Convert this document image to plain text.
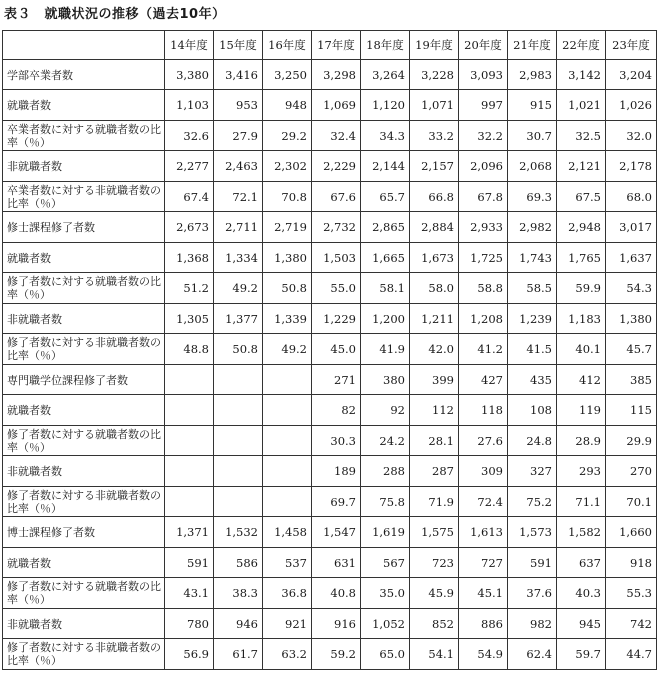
表３　就職状況の推移（過去10年）
	14年度	15年度	16年度	17年度	18年度	19年度	20年度	21年度	22年度	23年度
学部卒業者数	3,380	3,416	3,250	3,298	3,264	3,228	3,093	2,983	3,142	3,204
就職者数	1,103	953	948	1,069	1,120	1,071	997	915	1,021	1,026
卒業者数に対する就職者数の比率（％）	32.6	27.9	29.2	32.4	34.3	33.2	32.2	30.7	32.5	32.0
非就職者数	2,277	2,463	2,302	2,229	2,144	2,157	2,096	2,068	2,121	2,178
卒業者数に対する非就職者数の比率（％）	67.4	72.1	70.8	67.6	65.7	66.8	67.8	69.3	67.5	68.0
修士課程修了者数	2,673	2,711	2,719	2,732	2,865	2,884	2,933	2,982	2,948	3,017
就職者数	1,368	1,334	1,380	1,503	1,665	1,673	1,725	1,743	1,765	1,637
修了者数に対する就職者数の比率（％）	51.2	49.2	50.8	55.0	58.1	58.0	58.8	58.5	59.9	54.3
非就職者数	1,305	1,377	1,339	1,229	1,200	1,211	1,208	1,239	1,183	1,380
修了者数に対する非就職者数の比率（％）	48.8	50.8	49.2	45.0	41.9	42.0	41.2	41.5	40.1	45.7
専門職学位課程修了者数				271	380	399	427	435	412	385
就職者数				82	92	112	118	108	119	115
修了者数に対する就職者数の比率（％）				30.3	24.2	28.1	27.6	24.8	28.9	29.9
非就職者数				189	288	287	309	327	293	270
修了者数に対する非就職者数の比率（％）				69.7	75.8	71.9	72.4	75.2	71.1	70.1
博士課程修了者数	1,371	1,532	1,458	1,547	1,619	1,575	1,613	1,573	1,582	1,660
就職者数	591	586	537	631	567	723	727	591	637	918
修了者数に対する就職者数の比率（％）	43.1	38.3	36.8	40.8	35.0	45.9	45.1	37.6	40.3	55.3
非就職者数	780	946	921	916	1,052	852	886	982	945	742
修了者数に対する非就職者数の比率（％）	56.9	61.7	63.2	59.2	65.0	54.1	54.9	62.4	59.7	44.7
